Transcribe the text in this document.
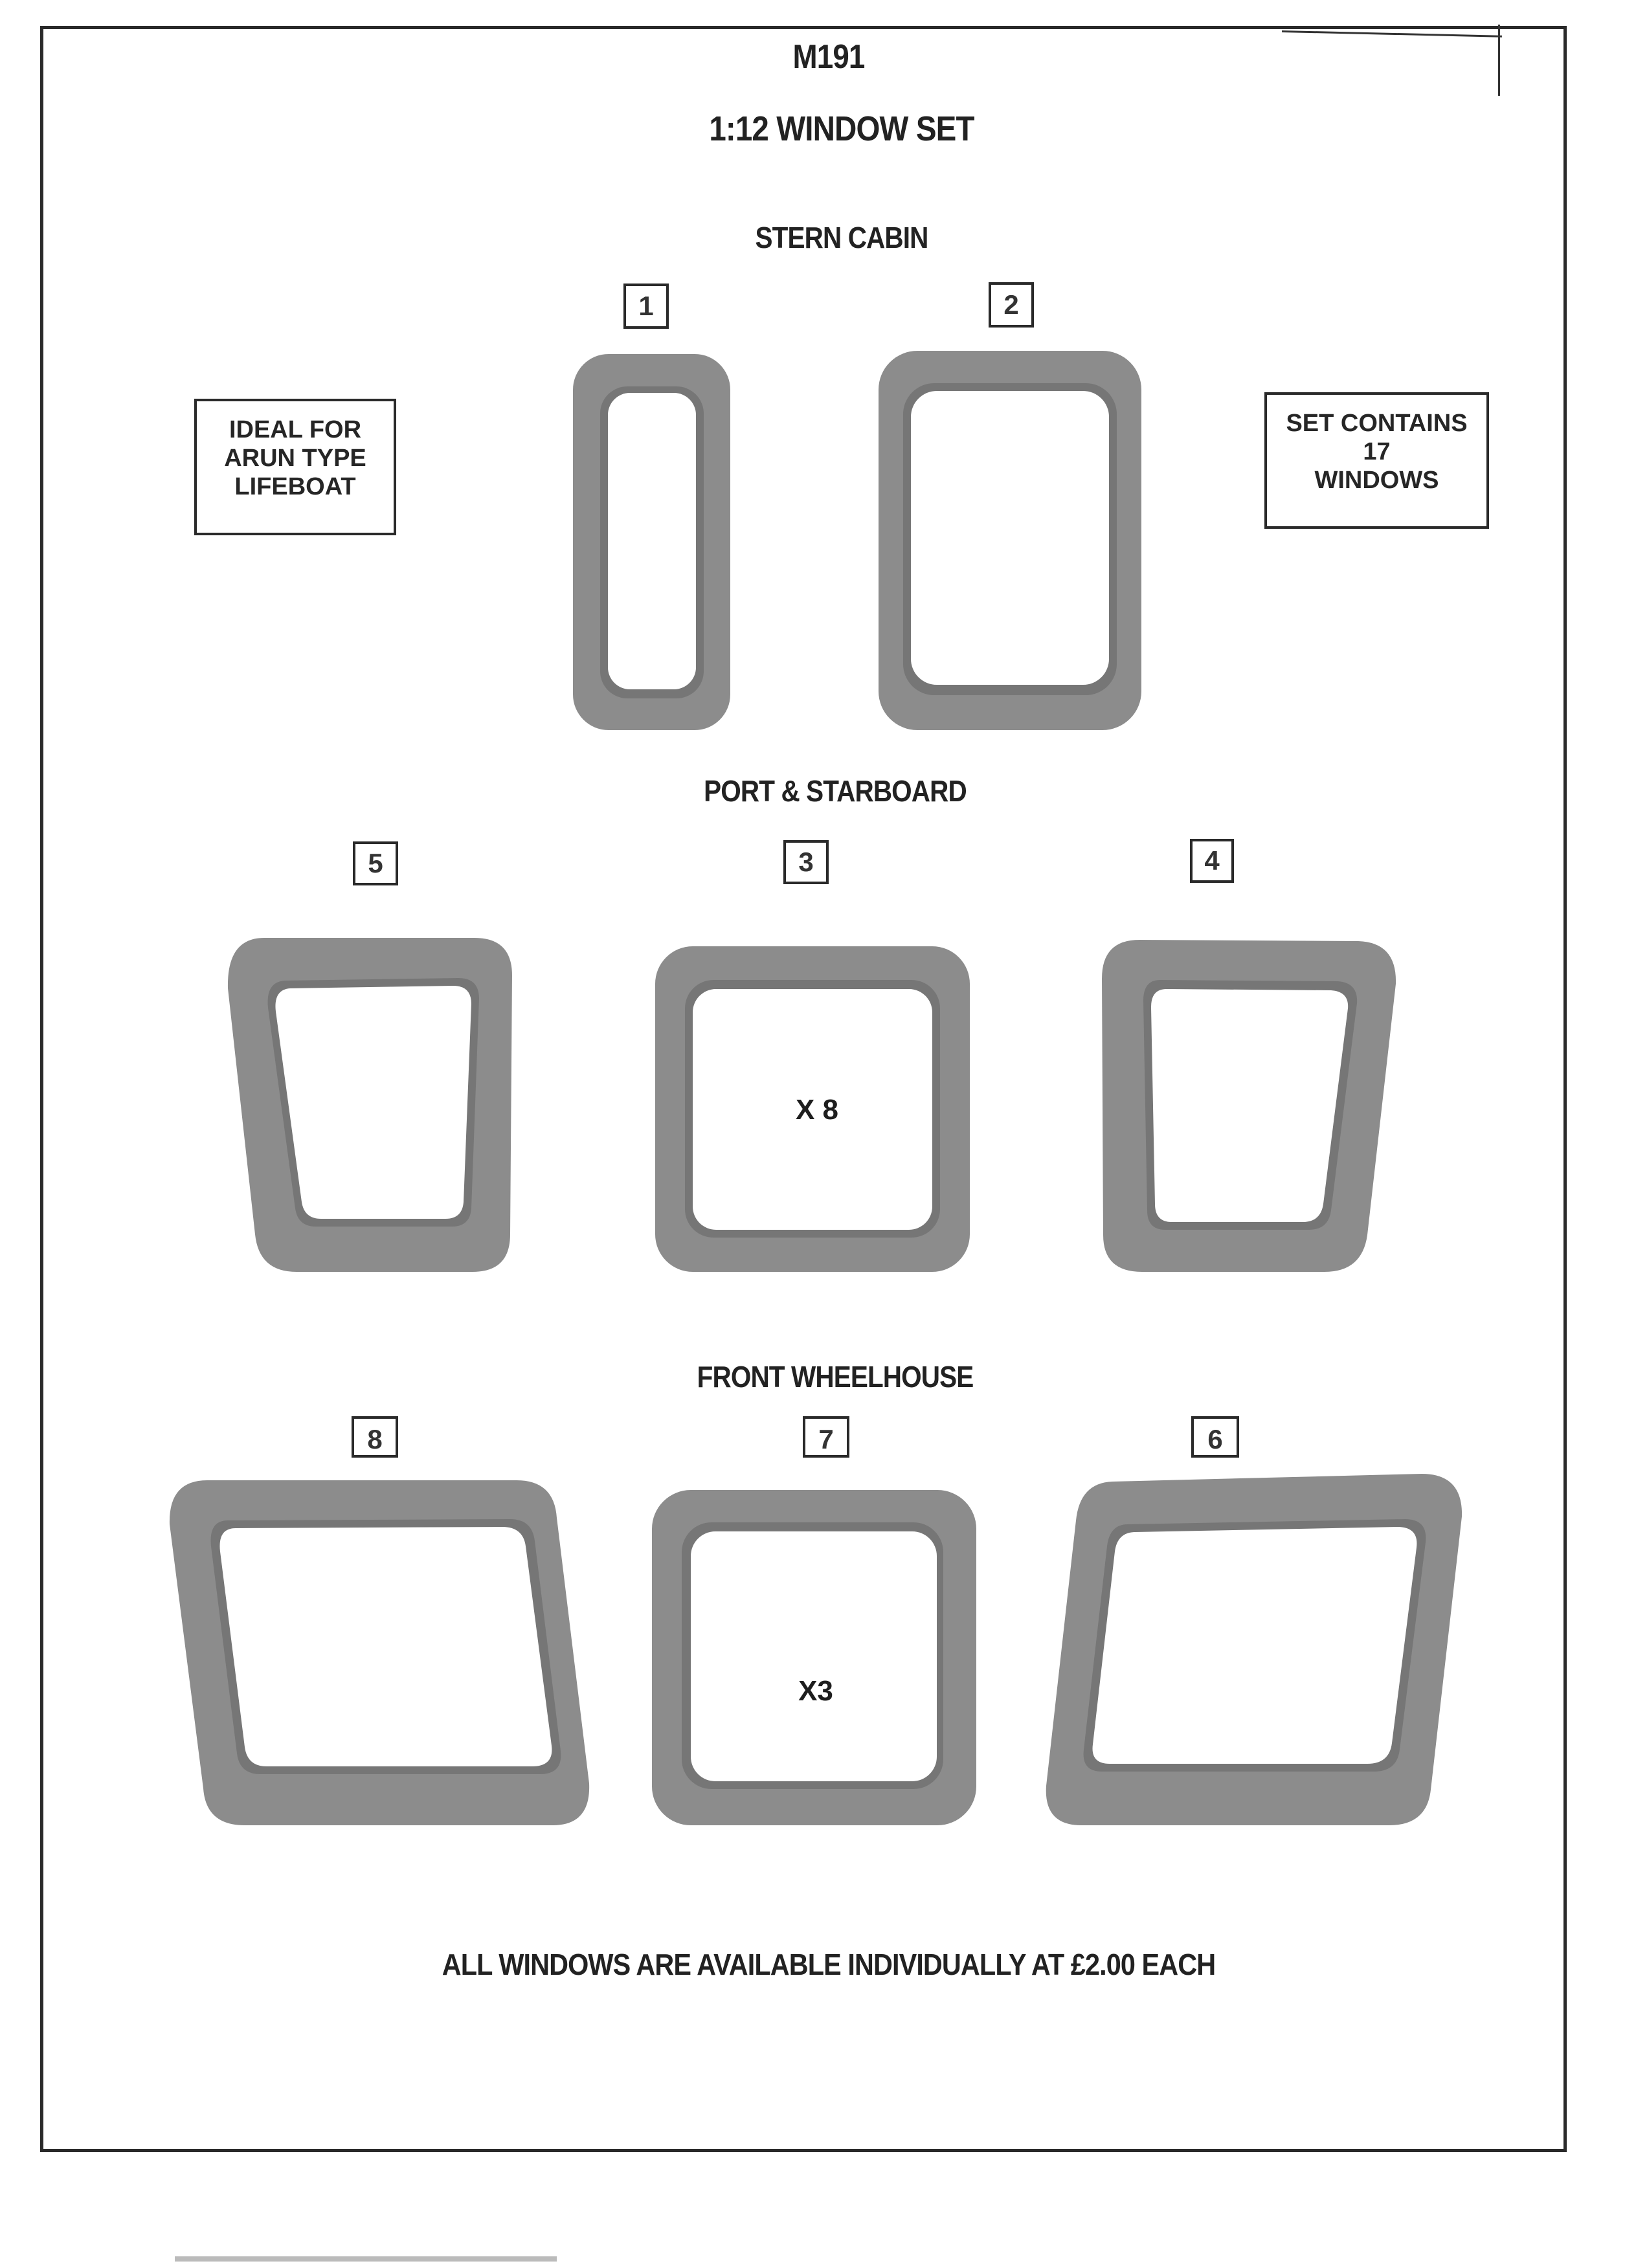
M191
1:12 WINDOW SET
IDEAL FOR
ARUN TYPE
LIFEBOAT
SET CONTAINS
17
WINDOWS
STERN CABIN
1	2
PORT & STARBOARD
5	3	4
X 8
FRONT WHEELHOUSE
8	7	6
X3
ALL WINDOWS ARE AVAILABLE INDIVIDUALLY AT £2.00 EACH
